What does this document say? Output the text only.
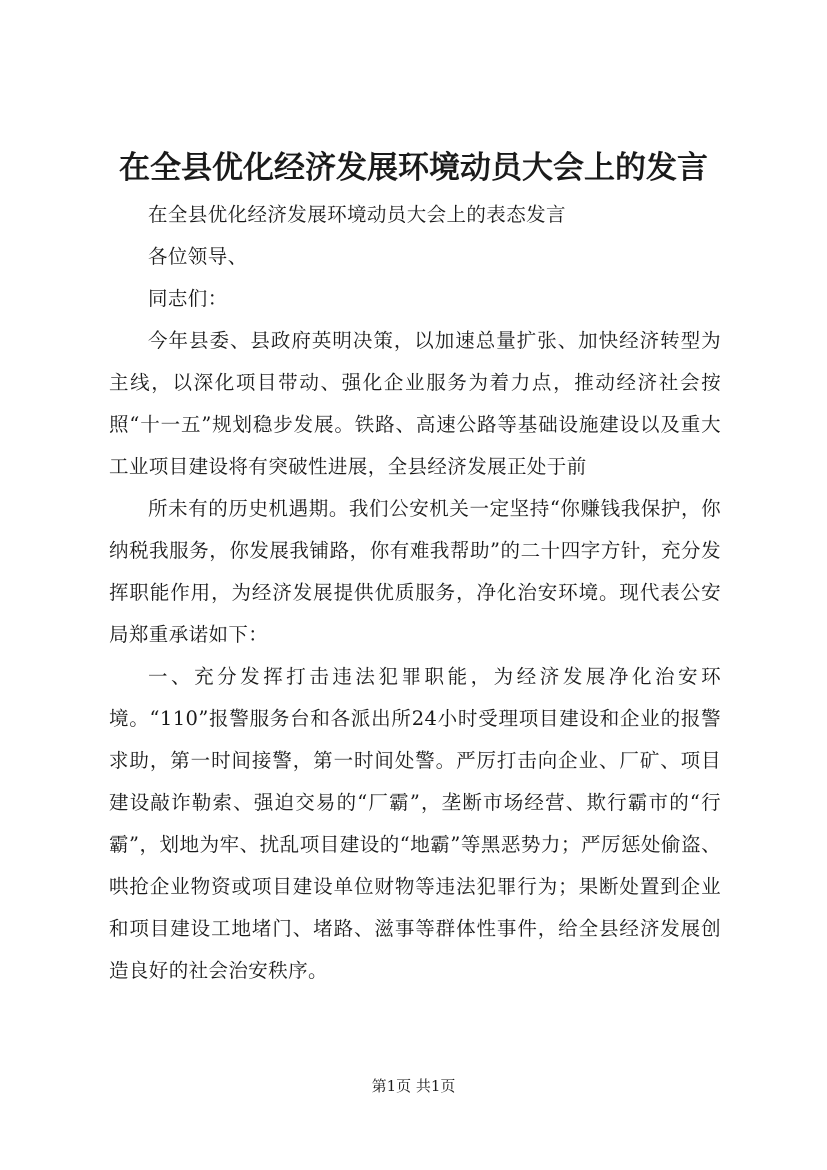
在全县优化经济发展环境动员大会上的发言

在全县优化经济发展环境动员大会上的表态发言

各位领导、

同志们：

今年县委、县政府英明决策，以加速总量扩张、加快经济转型为主线，以深化项目带动、强化企业服务为着力点，推动经济社会按照“十一五”规划稳步发展。铁路、高速公路等基础设施建设以及重大工业项目建设将有突破性进展，全县经济发展正处于前

所未有的历史机遇期。我们公安机关一定坚持“你赚钱我保护，你纳税我服务，你发展我铺路，你有难我帮助”的二十四字方针，充分发挥职能作用，为经济发展提供优质服务，净化治安环境。现代表公安局郑重承诺如下：

一、充分发挥打击违法犯罪职能，为经济发展净化治安环境。“110”报警服务台和各派出所24小时受理项目建设和企业的报警求助，第一时间接警，第一时间处警。严厉打击向企业、厂矿、项目建设敲诈勒索、强迫交易的“厂霸”，垄断市场经营、欺行霸市的“行霸”，划地为牢、扰乱项目建设的“地霸”等黑恶势力；严厉惩处偷盗、哄抢企业物资或项目建设单位财物等违法犯罪行为；果断处置到企业和项目建设工地堵门、堵路、滋事等群体性事件，给全县经济发展创造良好的社会治安秩序。

第1页 共1页
